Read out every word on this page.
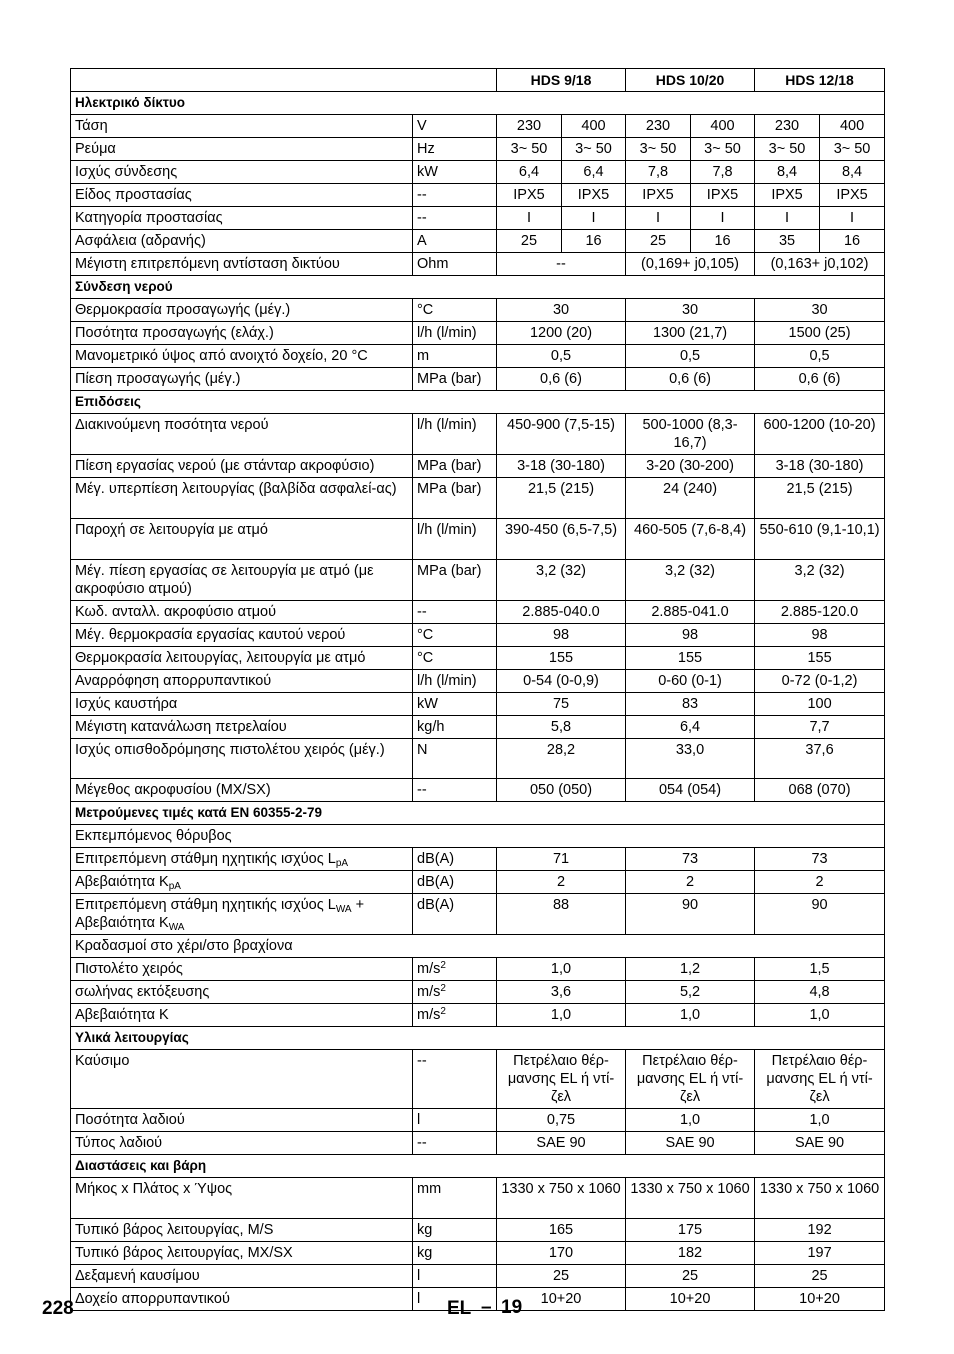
		HDS 9/18		HDS 10/20		HDS 12/18	
Ηλεκτρικό δίκτυο							
Τάση	V	230	400	230	400	230	400
Ρεύμα	Hz	3~ 50	3~ 50	3~ 50	3~ 50	3~ 50	3~ 50
Ισχύς σύνδεσης	kW	6,4	6,4	7,8	7,8	8,4	8,4
Είδος προστασίας	--	IPX5	IPX5	IPX5	IPX5	IPX5	IPX5
Κατηγορία προστασίας	--	I	I	I	I	I	I
Ασφάλεια (αδρανής)	A	25	16	25	16	35	16
Μέγιστη επιτρεπόμενη αντίσταση δικτύου	Ohm	--		(0,169+ j0,105)		(0,163+ j0,102)	
Σύνδεση νερού							
Θερμοκρασία προσαγωγής (μέγ.)	°C	30		30		30	
Ποσότητα προσαγωγής (ελάχ.)	l/h (l/min)	1200 (20)		1300 (21,7)		1500 (25)	
Μανομετρικό ύψος από ανοιχτό δοχείο, 20 °C	m	0,5		0,5		0,5	
Πίεση προσαγωγής (μέγ.)	MPa (bar)	0,6 (6)		0,6 (6)		0,6 (6)	
Επιδόσεις							
Διακινούμενη ποσότητα νερού	l/h (l/min)	450-900 (7,5-15)		500-1000 (8,3-16,7)		600-1200 (10-20)	
Πίεση εργασίας νερού (με στάνταρ ακροφύσιο)	MPa (bar)	3-18 (30-180)		3-20 (30-200)		3-18 (30-180)	
Μέγ. υπερπίεση λειτουργίας (βαλβίδα ασφαλεί-ας)	MPa (bar)	21,5 (215)		24 (240)		21,5 (215)	
Παροχή σε λειτουργία με ατμό	l/h (l/min)	390-450 (6,5-7,5)		460-505 (7,6-8,4)		550-610 (9,1-10,1)	
Μέγ. πίεση εργασίας σε λειτουργία με ατμό (με ακροφύσιο ατμού)	MPa (bar)	3,2 (32)		3,2 (32)		3,2 (32)	
Κωδ. ανταλλ. ακροφύσιο ατμού	--	2.885-040.0		2.885-041.0		2.885-120.0	
Μέγ. θερμοκρασία εργασίας καυτού νερού	°C	98		98		98	
Θερμοκρασία λειτουργίας, λειτουργία με ατμό	°C	155		155		155	
Αναρρόφηση απορρυπαντικού	l/h (l/min)	0-54 (0-0,9)		0-60 (0-1)		0-72 (0-1,2)	
Ισχύς καυστήρα	kW	75		83		100	
Μέγιστη κατανάλωση πετρελαίου	kg/h	5,8		6,4		7,7	
Ισχύς οπισθοδρόμησης πιστολέτου χειρός (μέγ.)	N	28,2		33,0		37,6	
Μέγεθος ακροφυσίου (MX/SX)	--	050 (050)		054 (054)		068 (070)	
Μετρούμενες τιμές κατά EN 60355-2-79							
Εκπεμπόμενος θόρυβος							
Επιτρεπόμενη στάθμη ηχητικής ισχύος $L_{pA}$	dB(A)	71		73		73	
Αβεβαιότητα $K_{pA}$	dB(A)	2		2		2	
Επιτρεπόμενη στάθμη ηχητικής ισχύος $L_{WA} + A\beta\varepsilon\beta\alpha\iota ό\tau\eta\tau\alpha$ $K_{WA}$	dB(A)	88		90		90	
Κραδασμοί στο χέρι/στο βραχίονα							
Πιστολέτο χειρός	$m/s^2$	1,0		1,2		1,5	
σωλήνας εκτόξευσης	$m/s^2$	3,6		5,2		4,8	
Αβεβαιότητα K	$m/s^2$	1,0		1,0		1,0	
Υλικά λειτουργίας							
Καύσιμο	--	Πετρέλαιο θέρ-μανσης EL ή ντί-ζελ		Πετρέλαιο θέρ-μανσης EL ή ντί-ζελ		Πετρέλαιο θέρ-μανσης EL ή ντί-ζελ	
Ποσότητα λαδιού	l	0,75		1,0		1,0	
Τύπος λαδιού	--	SAE 90		SAE 90		SAE 90	
Διαστάσεις και βάρη							
Μήκος x Πλάτος x Ύψος	mm	1330 x 750 x 1060		1330 x 750 x 1060		1330 x 750 x 1060	
Τυπικό βάρος λειτουργίας, M/S	kg	165		175		192	
Τυπικό βάρος λειτουργίας, MX/SX	kg	170		182		197	
Δεξαμενή καυσίμου	l	25		25		25	
Δοχείο απορρυπαντικού	l	10+20		10+20		10+20	
228	EL – 19
